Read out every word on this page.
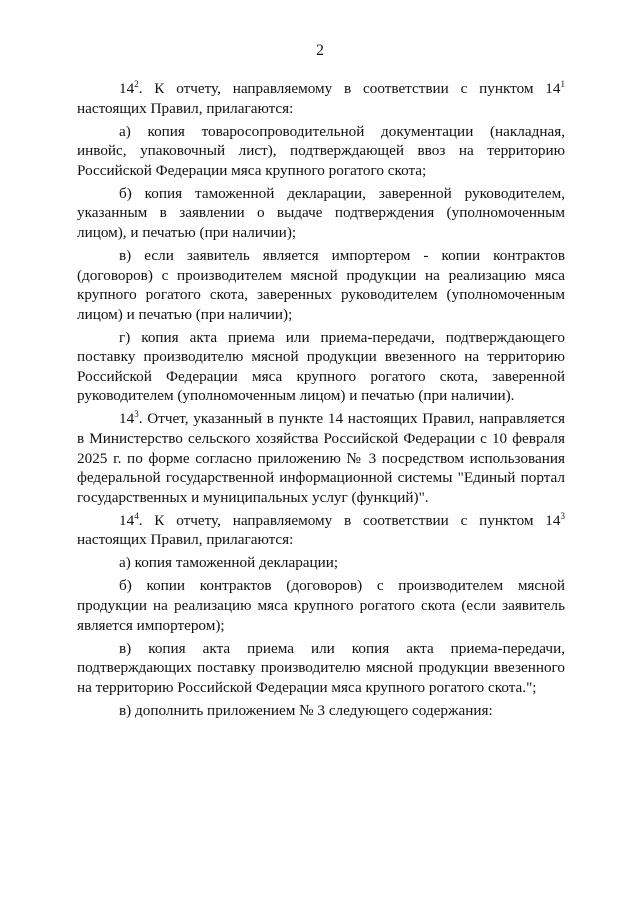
2

$14^2$. К отчету, направляемому в соответствии с пунктом $14^1$ настоящих Правил, прилагаются:

а) копия товаросопроводительной документации (накладная, инвойс, упаковочный лист), подтверждающей ввоз на территорию Российской Федерации мяса крупного рогатого скота;

б) копия таможенной декларации, заверенной руководителем, указанным в заявлении о выдаче подтверждения (уполномоченным лицом), и печатью (при наличии);

в) если заявитель является импортером - копии контрактов (договоров) с производителем мясной продукции на реализацию мяса крупного рогатого скота, заверенных руководителем (уполномоченным лицом) и печатью (при наличии);

г) копия акта приема или приема-передачи, подтверждающего поставку производителю мясной продукции ввезенного на территорию Российской Федерации мяса крупного рогатого скота, заверенной руководителем (уполномоченным лицом) и печатью (при наличии).

$14^3$. Отчет, указанный в пункте 14 настоящих Правил, направляется в Министерство сельского хозяйства Российской Федерации с 10 февраля 2025 г. по форме согласно приложению № 3 посредством использования федеральной государственной информационной системы "Единый портал государственных и муниципальных услуг (функций)".

$14^4$. К отчету, направляемому в соответствии с пунктом $14^3$ настоящих Правил, прилагаются:

а) копия таможенной декларации;

б) копии контрактов (договоров) с производителем мясной продукции на реализацию мяса крупного рогатого скота (если заявитель является импортером);

в) копия акта приема или копия акта приема-передачи, подтверждающих поставку производителю мясной продукции ввезенного на территорию Российской Федерации мяса крупного рогатого скота.";

в) дополнить приложением № 3 следующего содержания:
